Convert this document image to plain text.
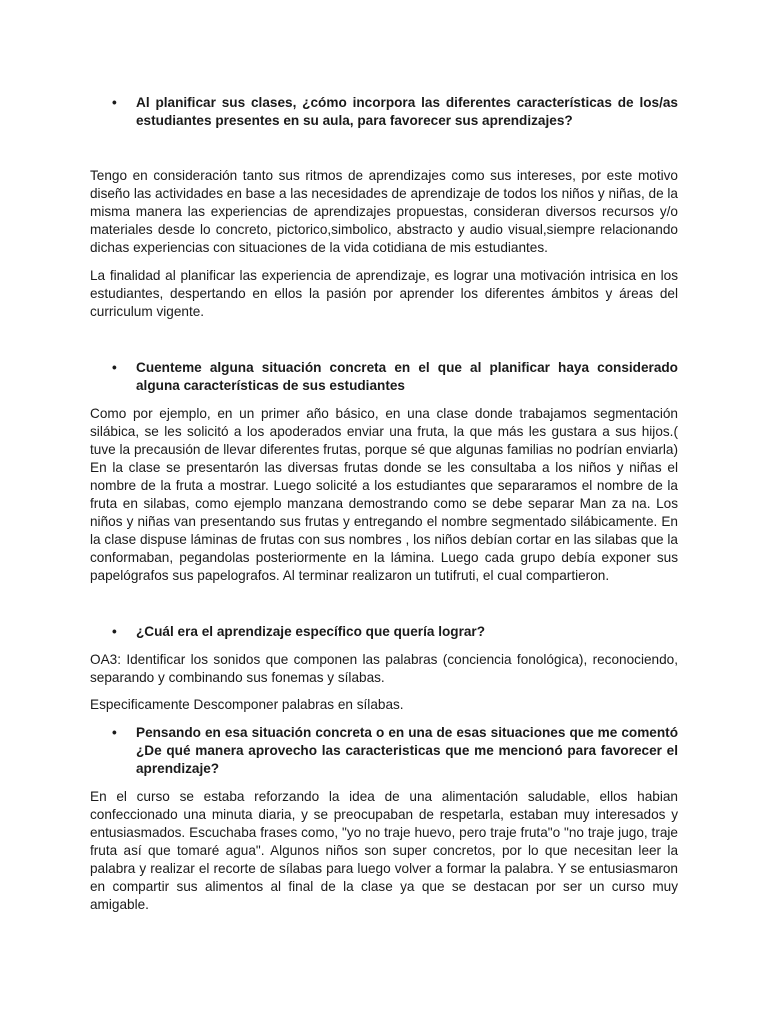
• Al planificar sus clases, ¿cómo incorpora las diferentes características de los/as estudiantes presentes en su aula, para favorecer sus aprendizajes?
Tengo en consideración tanto sus ritmos de aprendizajes como sus intereses, por este motivo diseño las actividades en base a las necesidades de aprendizaje de todos los niños y niñas, de la misma manera las experiencias de aprendizajes propuestas, consideran diversos recursos y/o materiales desde lo concreto, pictorico,simbolico, abstracto y audio visual,siempre relacionando dichas experiencias con situaciones de la vida cotidiana de mis estudiantes.
La finalidad al planificar las experiencia de aprendizaje, es lograr una motivación intrisica en los estudiantes, despertando en ellos la pasión por aprender los diferentes ámbitos y áreas del curriculum vigente.
• Cuenteme alguna situación concreta en el que al planificar haya considerado alguna características de sus estudiantes
Como por ejemplo, en un primer año básico, en una clase donde trabajamos segmentación silábica, se les solicitó a los apoderados enviar una fruta, la que más les gustara a sus hijos.( tuve la precausión de llevar diferentes frutas, porque sé que algunas familias no podrían enviarla) En la clase se presentarón las diversas frutas donde se les consultaba a los niños y niñas el nombre de la fruta a mostrar. Luego solicité a los estudiantes que separaramos el nombre de la fruta en silabas, como ejemplo manzana demostrando como se debe separar Man za na. Los niños y niñas van presentando sus frutas y entregando el nombre segmentado silábicamente. En la clase dispuse láminas de frutas con sus nombres , los niños debían cortar en las silabas que la conformaban, pegandolas posteriormente en la lámina. Luego cada grupo debía exponer sus papelógrafos sus papelografos. Al terminar realizaron un tutifruti, el cual compartieron.
• ¿Cuál era el aprendizaje específico que quería lograr?
OA3: Identificar los sonidos que componen las palabras (conciencia fonológica), reconociendo, separando y combinando sus fonemas y sílabas.
Especificamente Descomponer palabras en sílabas.
• Pensando en esa situación concreta o en una de esas situaciones que me comentó ¿De qué manera aprovecho las caracteristicas que me mencionó para favorecer el aprendizaje?
En el curso se estaba reforzando la idea de una alimentación saludable, ellos habian confeccionado una minuta diaria, y se preocupaban de respetarla, estaban muy interesados y entusiasmados. Escuchaba frases como, "yo no traje huevo, pero traje fruta"o "no traje jugo, traje fruta así que tomaré agua". Algunos niños son super concretos, por lo que necesitan leer la palabra y realizar el recorte de sílabas para luego volver a formar la palabra. Y se entusiasmaron en compartir sus alimentos al final de la clase ya que se destacan por ser un curso muy amigable.
